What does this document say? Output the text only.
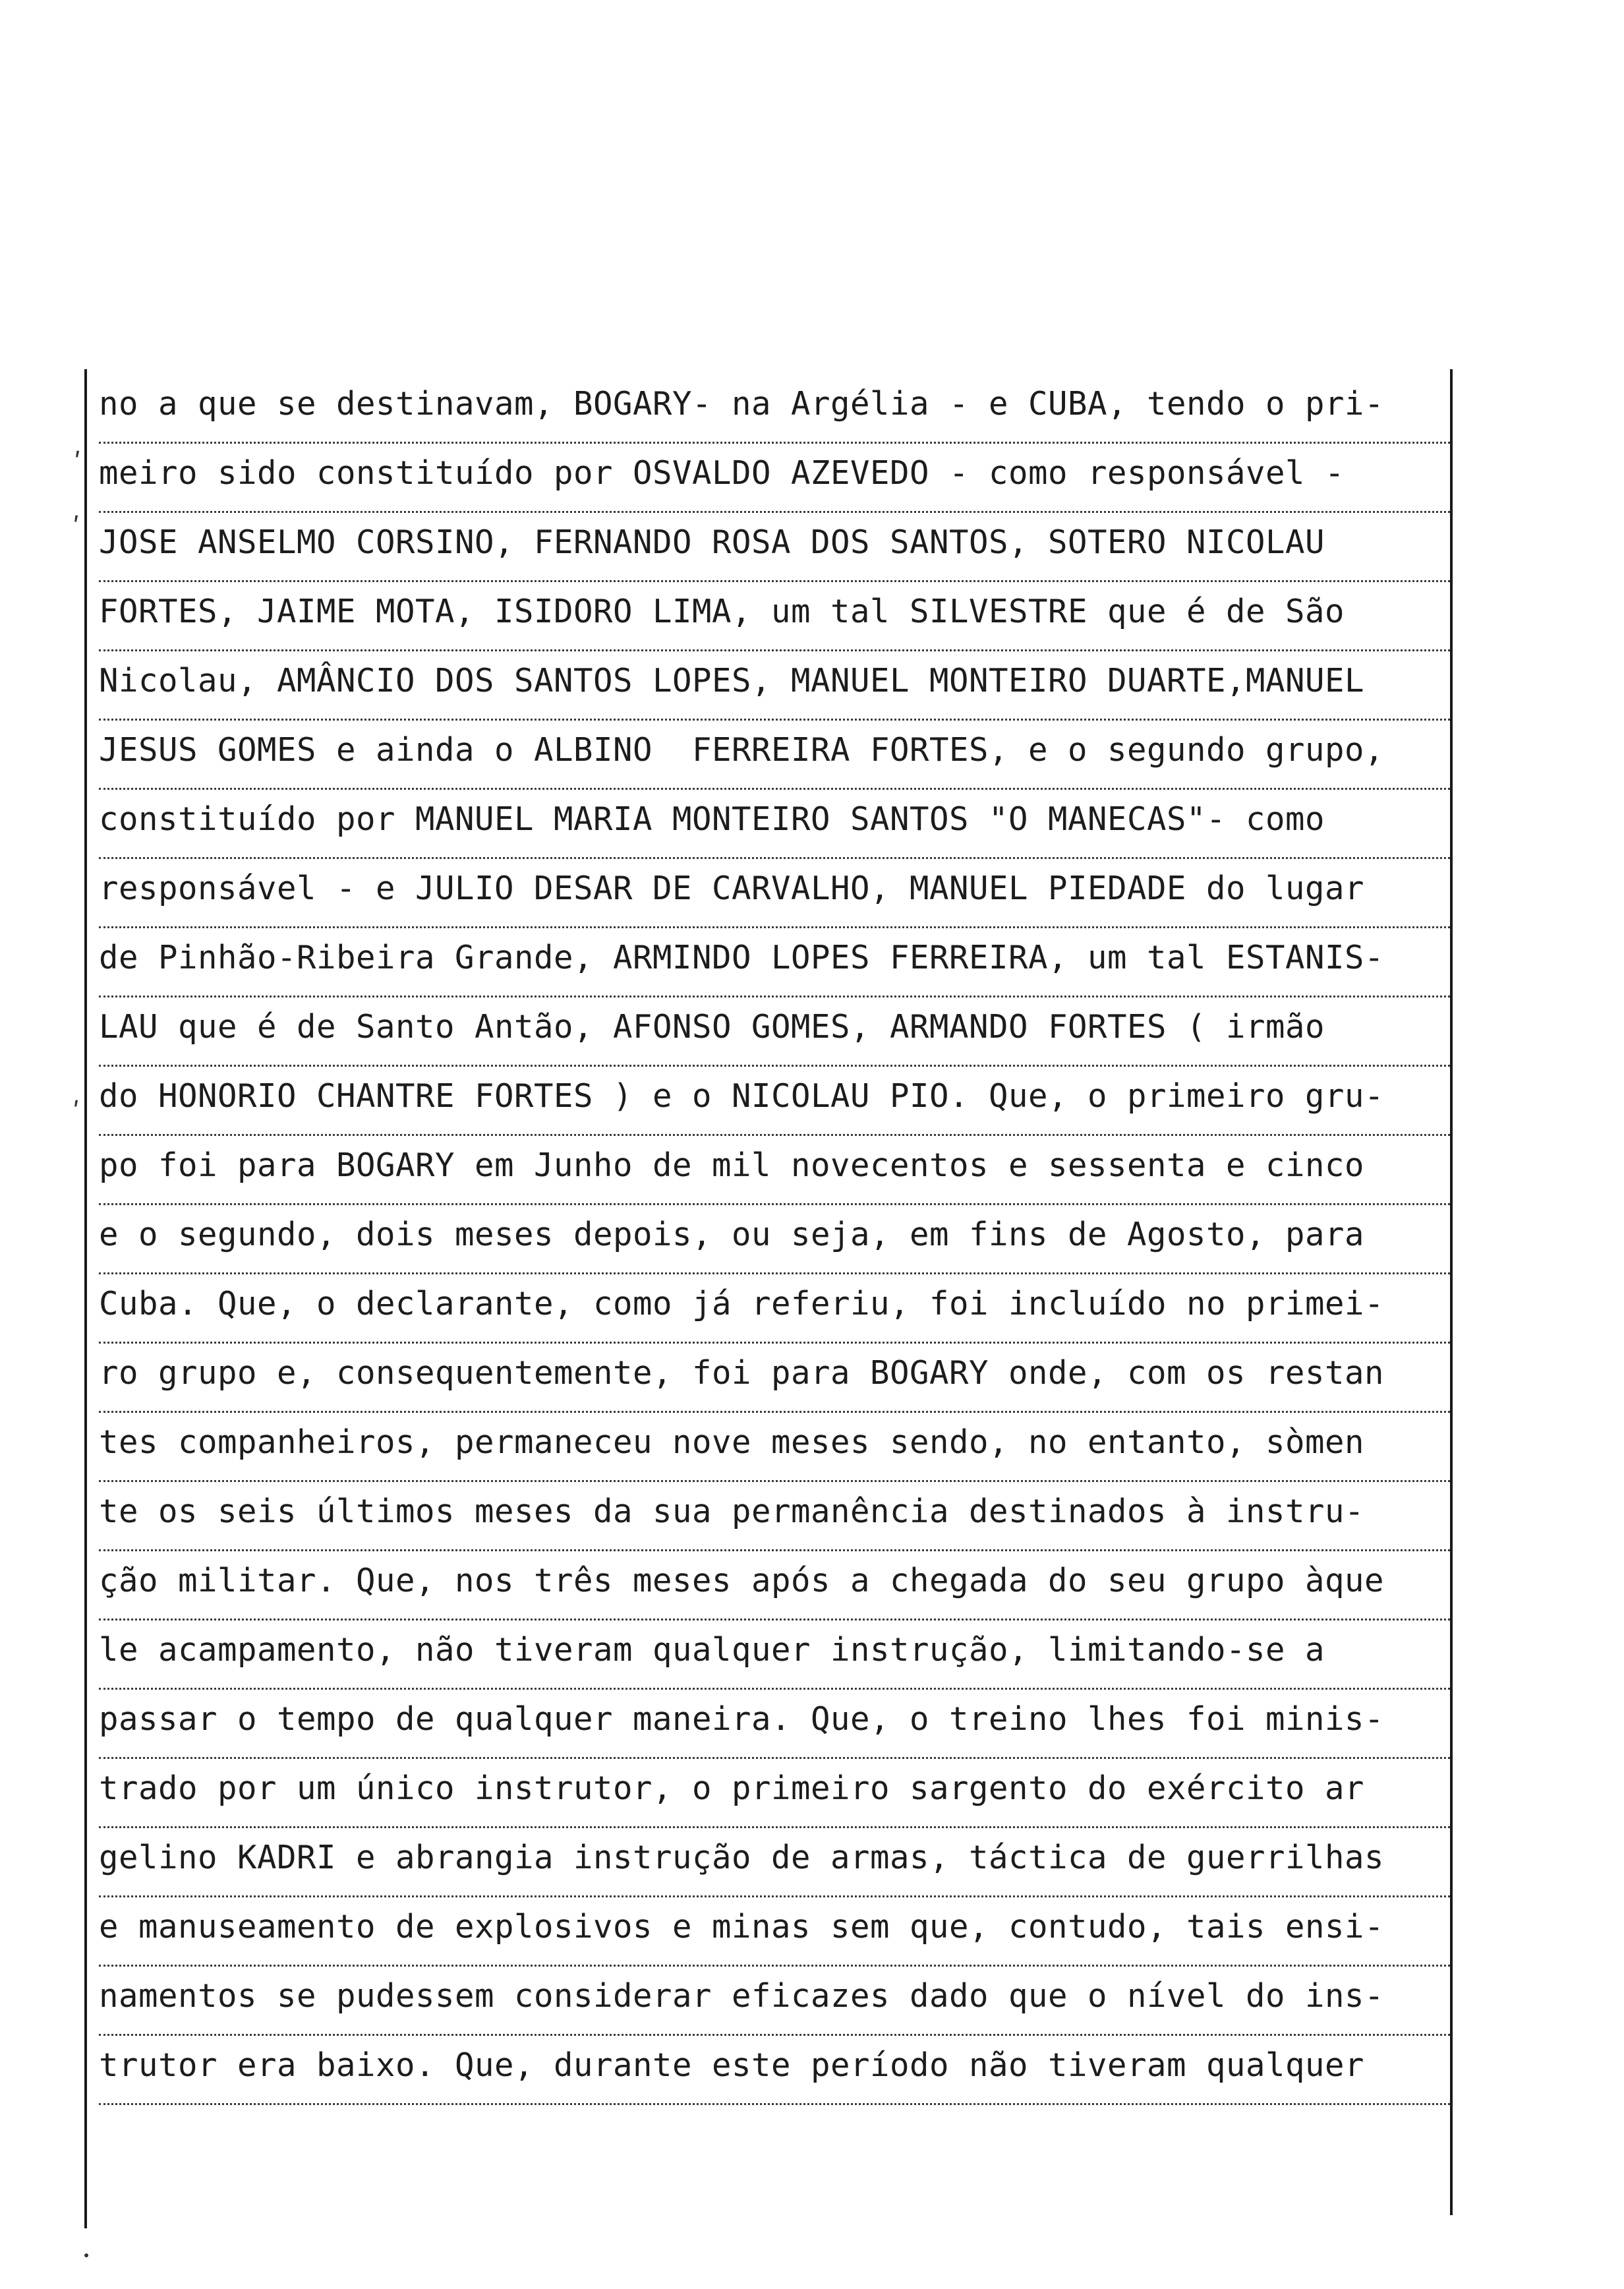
ʹ
ʹ
ʹ
no a que se destinavam, BOGARY- na Argélia - e CUBA, tendo o pri-
meiro sido constituído por OSVALDO AZEVEDO - como responsável -
JOSE ANSELMO CORSINO, FERNANDO ROSA DOS SANTOS, SOTERO NICOLAU
FORTES, JAIME MOTA, ISIDORO LIMA, um tal SILVESTRE que é de São
Nicolau, AMÂNCIO DOS SANTOS LOPES, MANUEL MONTEIRO DUARTE,MANUEL
JESUS GOMES e ainda o ALBINO  FERREIRA FORTES, e o segundo grupo,
constituído por MANUEL MARIA MONTEIRO SANTOS "O MANECAS"- como
responsável - e JULIO DESAR DE CARVALHO, MANUEL PIEDADE do lugar
de Pinhão-Ribeira Grande, ARMINDO LOPES FERREIRA, um tal ESTANIS-
LAU que é de Santo Antão, AFONSO GOMES, ARMANDO FORTES ( irmão
do HONORIO CHANTRE FORTES ) e o NICOLAU PIO. Que, o primeiro gru-
po foi para BOGARY em Junho de mil novecentos e sessenta e cinco
e o segundo, dois meses depois, ou seja, em fins de Agosto, para
Cuba. Que, o declarante, como já referiu, foi incluído no primei-
ro grupo e, consequentemente, foi para BOGARY onde, com os restan
tes companheiros, permaneceu nove meses sendo, no entanto, sòmen
te os seis últimos meses da sua permanência destinados à instru-
ção militar. Que, nos três meses após a chegada do seu grupo àque
le acampamento, não tiveram qualquer instrução, limitando-se a
passar o tempo de qualquer maneira. Que, o treino lhes foi minis-
trado por um único instrutor, o primeiro sargento do exército ar
gelino KADRI e abrangia instrução de armas, táctica de guerrilhas
e manuseamento de explosivos e minas sem que, contudo, tais ensi-
namentos se pudessem considerar eficazes dado que o nível do ins-
trutor era baixo. Que, durante este período não tiveram qualquer
